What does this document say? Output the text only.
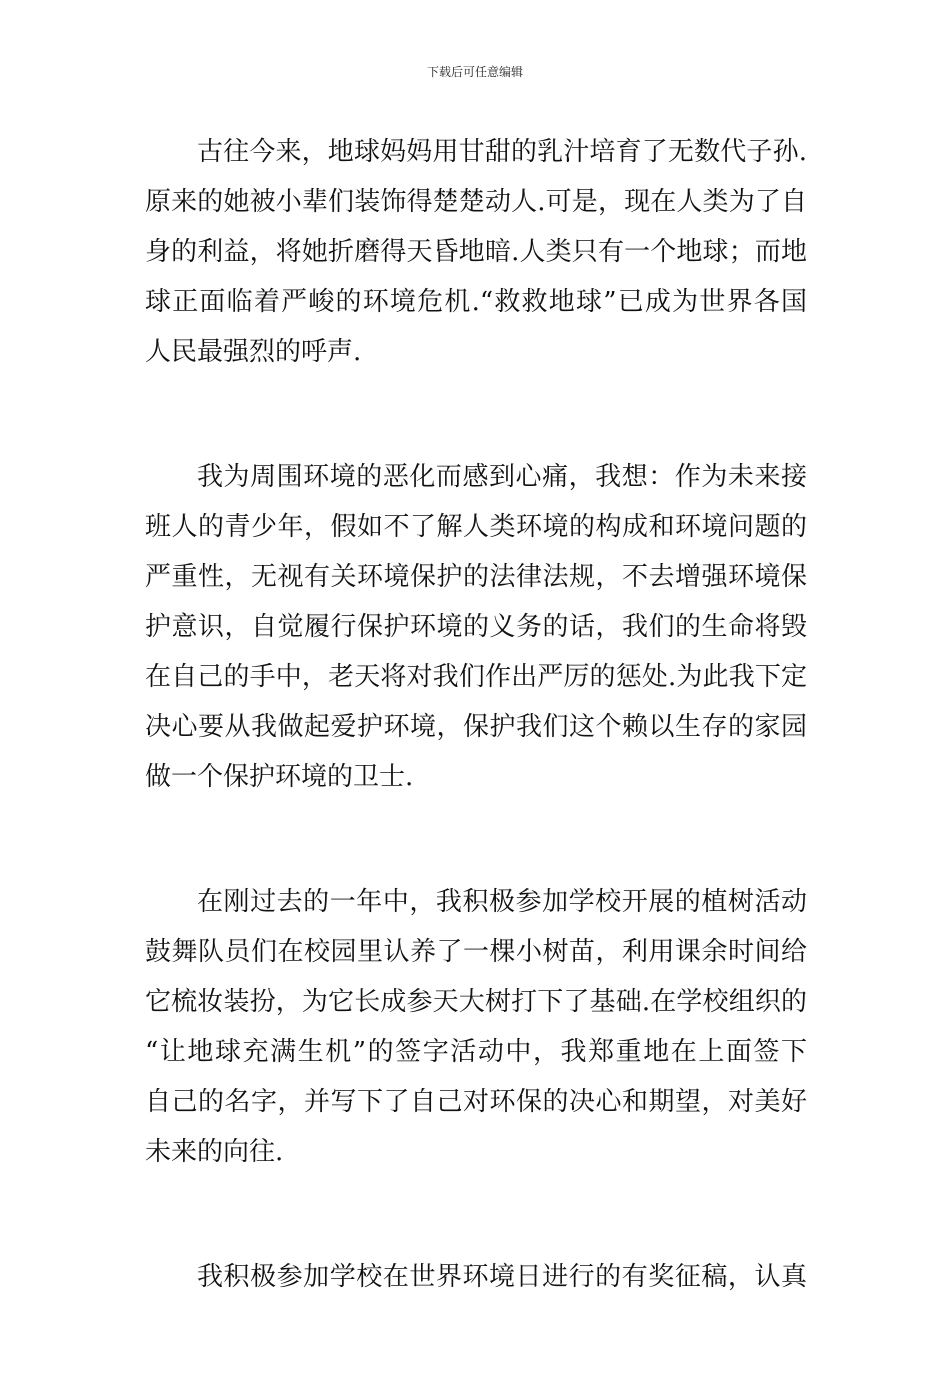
下载后可任意编辑
古往今来，地球妈妈用甘甜的乳汁培育了无数代子孙.
原来的她被小辈们装饰得楚楚动人.可是，现在人类为了自
身的利益，将她折磨得天昏地暗.人类只有一个地球；而地
球正面临着严峻的环境危机.“救救地球”已成为世界各国
人民最强烈的呼声.
我为周围环境的恶化而感到心痛，我想：作为未来接
班人的青少年，假如不了解人类环境的构成和环境问题的
严重性，无视有关环境保护的法律法规，不去增强环境保
护意识，自觉履行保护环境的义务的话，我们的生命将毁
在自己的手中，老天将对我们作出严厉的惩处.为此我下定
决心要从我做起爱护环境，保护我们这个赖以生存的家园
做一个保护环境的卫士.
在刚过去的一年中，我积极参加学校开展的植树活动
鼓舞队员们在校园里认养了一棵小树苗，利用课余时间给
它梳妆装扮，为它长成参天大树打下了基础.在学校组织的
“让地球充满生机”的签字活动中，我郑重地在上面签下
自己的名字，并写下了自己对环保的决心和期望，对美好
未来的向往.
我积极参加学校在世界环境日进行的有奖征稿，认真
